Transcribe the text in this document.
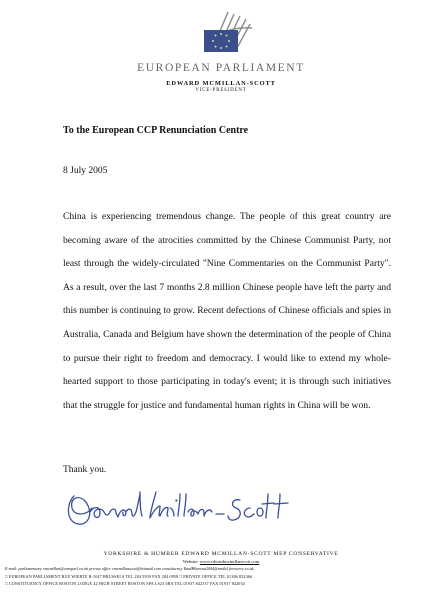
EUROPEAN PARLIAMENT
EDWARD MCMILLAN-SCOTT
VICE-PRESIDENT
To the European CCP Renunciation Centre
8 July 2005

China is experiencing tremendous change. The people of this great country are becoming aware of the atrocities committed by the Chinese Communist Party, not least through the widely-circulated "Nine Commentaries on the Communist Party". As a result, over the last 7 months 2.8 million Chinese people have left the party and this number is continuing to grow. Recent defections of Chinese officials and spies in Australia, Canada and Belgium have shown the determination of the people of China to pursue their right to freedom and democracy. I would like to extend my whole-hearted support to those participating in today's event; it is through such initiatives that the struggle for justice and fundamental human rights in China will be won.

Thank you.
YORKSHIRE & HUMBER EDWARD MCMILLAN-SCOTT MEP CONSERVATIVE
Website: www.edwardmcmillanscott.com
E-mail: parliamentary emcmillan@europarl.eu.int private office emcmillanscott@hotmail.com constituency YandHbureau2004@mailsl.freeserve.co.uk
□ EUROPEAN PARLIAMENT RUE WIERTZ B-1047 BRUSSELS TEL 284 5959 FAX 284 0958 □ PRIVATE OFFICE TEL 01386 852366
□ CONSTITUENCY OFFICE BOSTON LODGE 42 HIGH STREET BOSTON SPA LS23 6BA TEL 01937 842137 FAX 01937 842034
